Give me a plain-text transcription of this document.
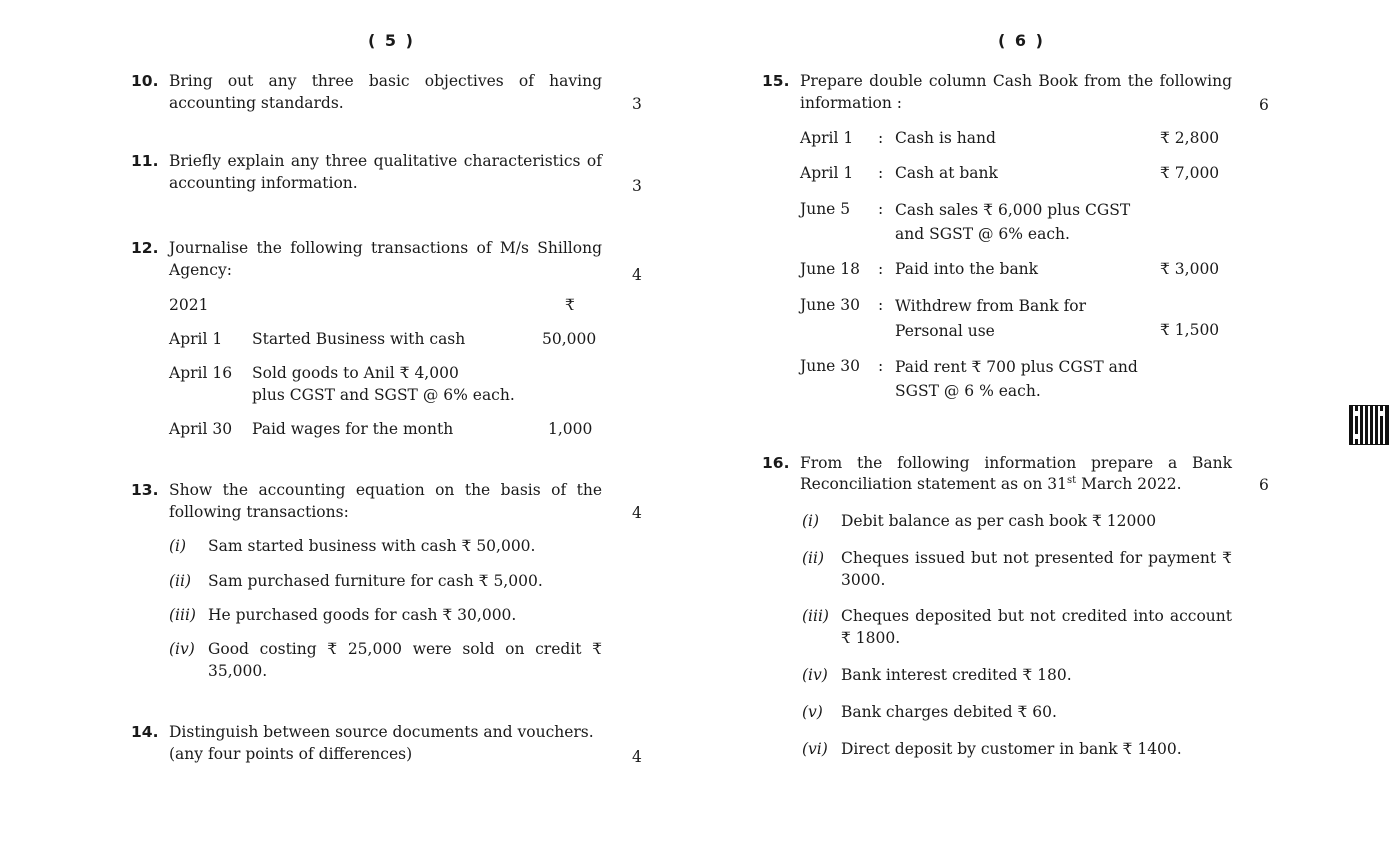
( 5 )
10. Bring out any three basic objectives of having accounting standards.	3
11. Briefly explain any three qualitative characteristics of accounting information.	3
12. Journalise the following transactions of M/s Shillong Agency:	4
2021	₹
April 1 Started Business with cash	50,000
April 16 Sold goods to Anil ₹ 4,000
plus CGST and SGST @ 6% each.
April 30 Paid wages for the month	1,000
13. Show the accounting equation on the basis of the following transactions:	4
(i) Sam started business with cash ₹ 50,000.
(ii) Sam purchased furniture for cash ₹ 5,000.
(iii) He purchased goods for cash ₹ 30,000.
(iv) Good costing ₹ 25,000 were sold on credit ₹ 35,000.
14. Distinguish between source documents and vouchers.
(any four points of differences)	4
( 6 )
15. Prepare double column Cash Book from the following information :	6
April 1 : Cash is hand	₹ 2,800
April 1 : Cash at bank	₹ 7,000
June 5 : Cash sales ₹ 6,000 plus CGST and SGST @ 6% each.
June 18 : Paid into the bank	₹ 3,000
June 30 : Withdrew from Bank for Personal use	₹ 1,500
June 30 : Paid rent ₹ 700 plus CGST and SGST @ 6 % each.
16. From the following information prepare a Bank
Reconciliation statement as on 31st March 2022.	6
(i) Debit balance as per cash book ₹ 12000
(ii) Cheques issued but not presented for payment ₹ 3000.
(iii) Cheques deposited but not credited into account ₹ 1800.
(iv) Bank interest credited ₹ 180.
(v) Bank charges debited ₹ 60.
(vi) Direct deposit by customer in bank ₹ 1400.
